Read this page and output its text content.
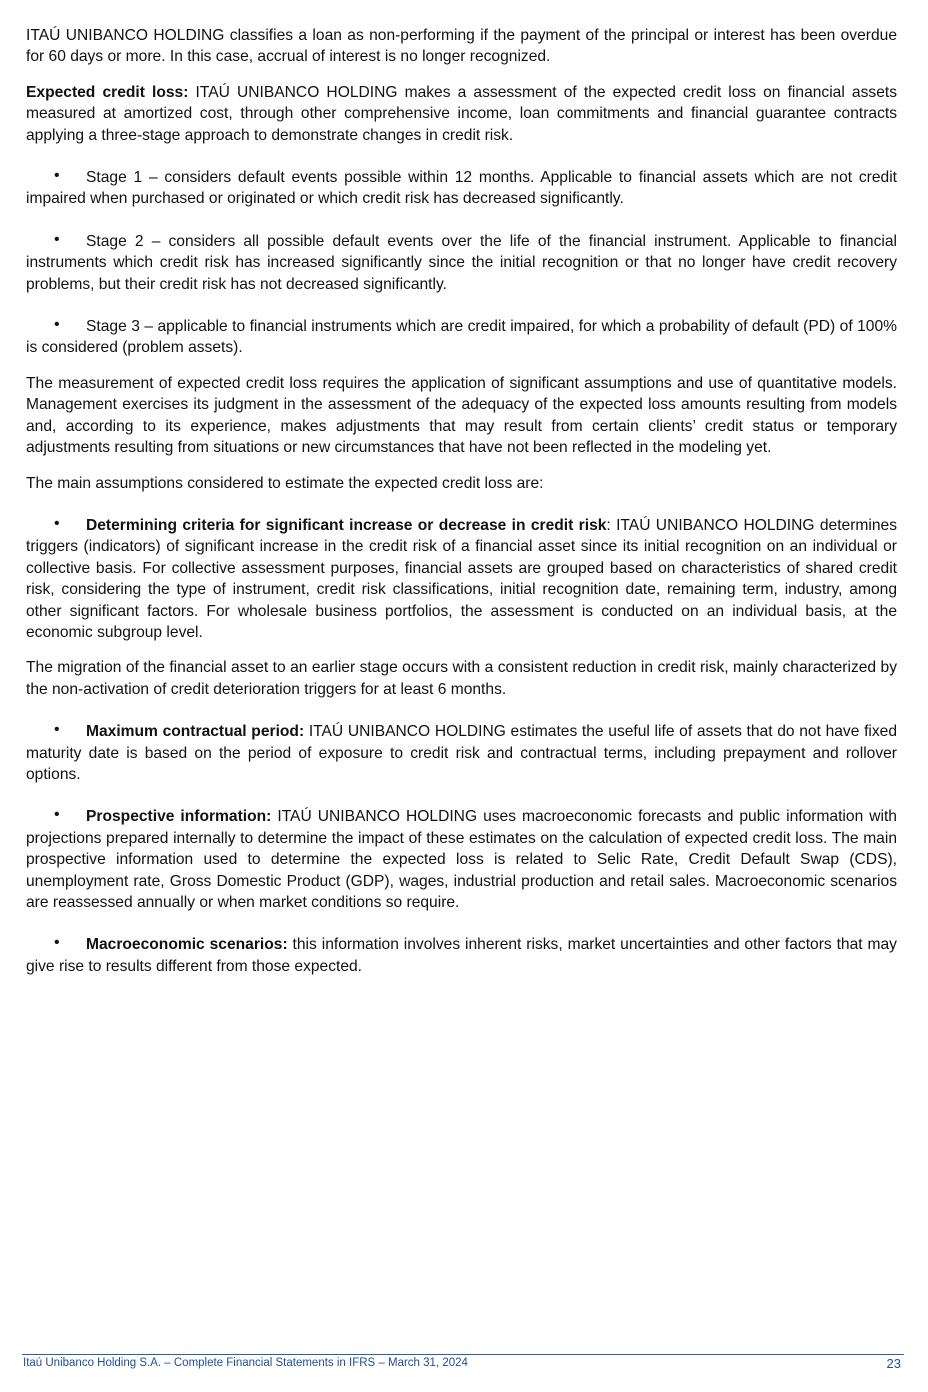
ITAÚ UNIBANCO HOLDING classifies a loan as non-performing if the payment of the principal or interest has been overdue for 60 days or more. In this case, accrual of interest is no longer recognized.

Expected credit loss: ITAÚ UNIBANCO HOLDING makes a assessment of the expected credit loss on financial assets measured at amortized cost, through other comprehensive income, loan commitments and financial guarantee contracts applying a three-stage approach to demonstrate changes in credit risk.

• Stage 1 – considers default events possible within 12 months. Applicable to financial assets which are not credit impaired when purchased or originated or which credit risk has decreased significantly.

• Stage 2 – considers all possible default events over the life of the financial instrument. Applicable to financial instruments which credit risk has increased significantly since the initial recognition or that no longer have credit recovery problems, but their credit risk has not decreased significantly.

• Stage 3 – applicable to financial instruments which are credit impaired, for which a probability of default (PD) of 100% is considered (problem assets).

The measurement of expected credit loss requires the application of significant assumptions and use of quantitative models. Management exercises its judgment in the assessment of the adequacy of the expected loss amounts resulting from models and, according to its experience, makes adjustments that may result from certain clients’ credit status or temporary adjustments resulting from situations or new circumstances that have not been reflected in the modeling yet.

The main assumptions considered to estimate the expected credit loss are:

• Determining criteria for significant increase or decrease in credit risk: ITAÚ UNIBANCO HOLDING determines triggers (indicators) of significant increase in the credit risk of a financial asset since its initial recognition on an individual or collective basis. For collective assessment purposes, financial assets are grouped based on characteristics of shared credit risk, considering the type of instrument, credit risk classifications, initial recognition date, remaining term, industry, among other significant factors. For wholesale business portfolios, the assessment is conducted on an individual basis, at the economic subgroup level.

The migration of the financial asset to an earlier stage occurs with a consistent reduction in credit risk, mainly characterized by the non-activation of credit deterioration triggers for at least 6 months.

• Maximum contractual period: ITAÚ UNIBANCO HOLDING estimates the useful life of assets that do not have fixed maturity date is based on the period of exposure to credit risk and contractual terms, including prepayment and rollover options.

• Prospective information: ITAÚ UNIBANCO HOLDING uses macroeconomic forecasts and public information with projections prepared internally to determine the impact of these estimates on the calculation of expected credit loss. The main prospective information used to determine the expected loss is related to Selic Rate, Credit Default Swap (CDS), unemployment rate, Gross Domestic Product (GDP), wages, industrial production and retail sales. Macroeconomic scenarios are reassessed annually or when market conditions so require.

• Macroeconomic scenarios: this information involves inherent risks, market uncertainties and other factors that may give rise to results different from those expected.

Itaú Unibanco Holding S.A. – Complete Financial Statements in IFRS – March 31, 2024	23
